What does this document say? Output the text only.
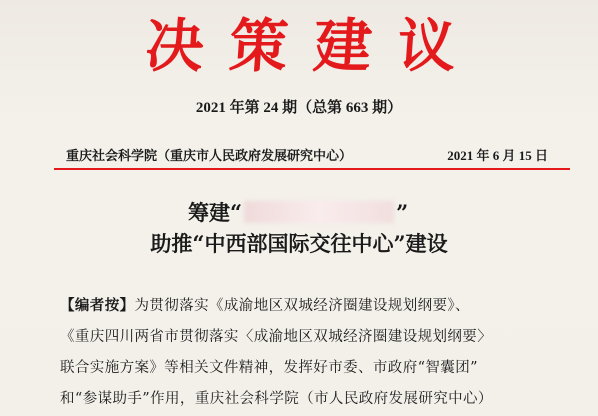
决 策 建 议
2021 年第 24 期（总第 663 期）
重庆社会科学院（重庆市人民政府发展研究中心）	2021 年 6 月 15 日
筹建“	”
助推“中西部国际交往中心”建设

【编者按】为贯彻落实《成渝地区双城经济圈建设规划纲要》、

《重庆四川两省市贯彻落实〈成渝地区双城经济圈建设规划纲要〉

联合实施方案》等相关文件精神，发挥好市委、市政府“智囊团”

和“参谋助手”作用，重庆社会科学院（市人民政府发展研究中心）
